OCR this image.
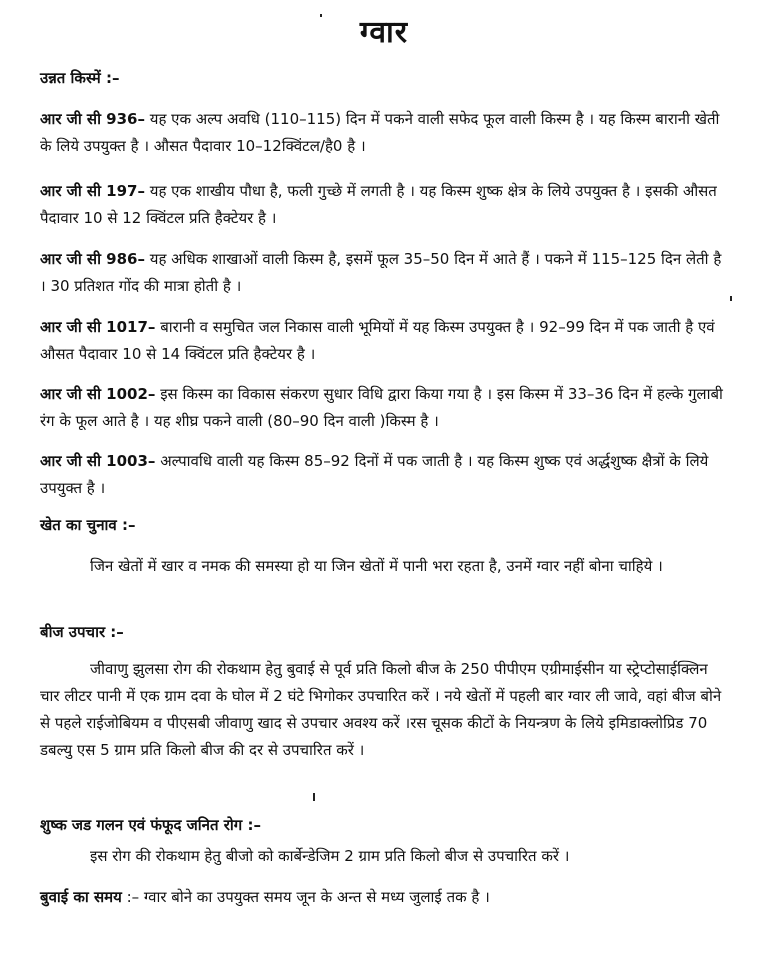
ग्वार
उन्नत किस्में :–
आर जी सी 936– यह एक अल्प अवधि (110–115) दिन में पकने वाली सफेद फूल वाली किस्म है । यह किस्म बारानी खेती के लिये उपयुक्त है । औसत पैदावार 10–12क्विंटल/है0 है ।
आर जी सी 197– यह एक शाखीय पौधा है, फली गुच्छे में लगती है । यह किस्म शुष्क क्षेत्र के लिये उपयुक्त है । इसकी औसत पैदावार 10 से 12 क्विंटल प्रति हैक्टेयर है ।
आर जी सी 986– यह अधिक शाखाओं वाली किस्म है, इसमें फूल 35–50 दिन में आते हैं । पकने में 115–125 दिन लेती है । 30 प्रतिशत गोंद की मात्रा होती है ।
आर जी सी 1017– बारानी व समुचित जल निकास वाली भूमियों में यह किस्म उपयुक्त है । 92–99 दिन में पक जाती है एवं औसत पैदावार 10 से 14 क्विंटल प्रति हैक्टेयर है ।
आर जी सी 1002– इस किस्म का विकास संकरण सुधार विधि द्वारा किया गया है । इस किस्म में 33–36 दिन में हल्के गुलाबी रंग के फूल आते है । यह शीघ्र पकने वाली (80–90 दिन वाली )किस्म है ।
आर जी सी 1003– अल्पावधि वाली यह किस्म 85–92 दिनों में पक जाती है । यह किस्म शुष्क एवं अर्द्धशुष्क क्षैत्रों के लिये उपयुक्त है ।
खेत का चुनाव :–
जिन खेतों में खार व नमक की समस्या हो या जिन खेतों में पानी भरा रहता है, उनमें ग्वार नहीं बोना चाहिये ।
बीज उपचार :–
जीवाणु झुलसा रोग की रोकथाम हेतु बुवाई से पूर्व प्रति किलो बीज के 250 पीपीएम एग्रीमाईसीन या स्ट्रेप्टोसाईक्लिन चार लीटर पानी में एक ग्राम दवा के घोल में 2 घंटे भिगोकर उपचारित करें । नये खेतों में पहली बार ग्वार ली जावे, वहां बीज बोने से पहले राईजोबियम व पीएसबी जीवाणु खाद से उपचार अवश्य करें ।रस चूसक कीटों के नियन्त्रण के लिये इमिडाक्लोप्रिड 70 डबल्यु एस 5 ग्राम प्रति किलो बीज की दर से उपचारित करें ।
शुष्क जड गलन एवं फंफूद जनित रोग :–
इस रोग की रोकथाम हेतु बीजो को कार्बेन्डेजिम 2 ग्राम प्रति किलो बीज से उपचारित करें ।
बुवाई का समय :– ग्वार बोने का उपयुक्त समय जून के अन्त से मध्य जुलाई तक है ।
